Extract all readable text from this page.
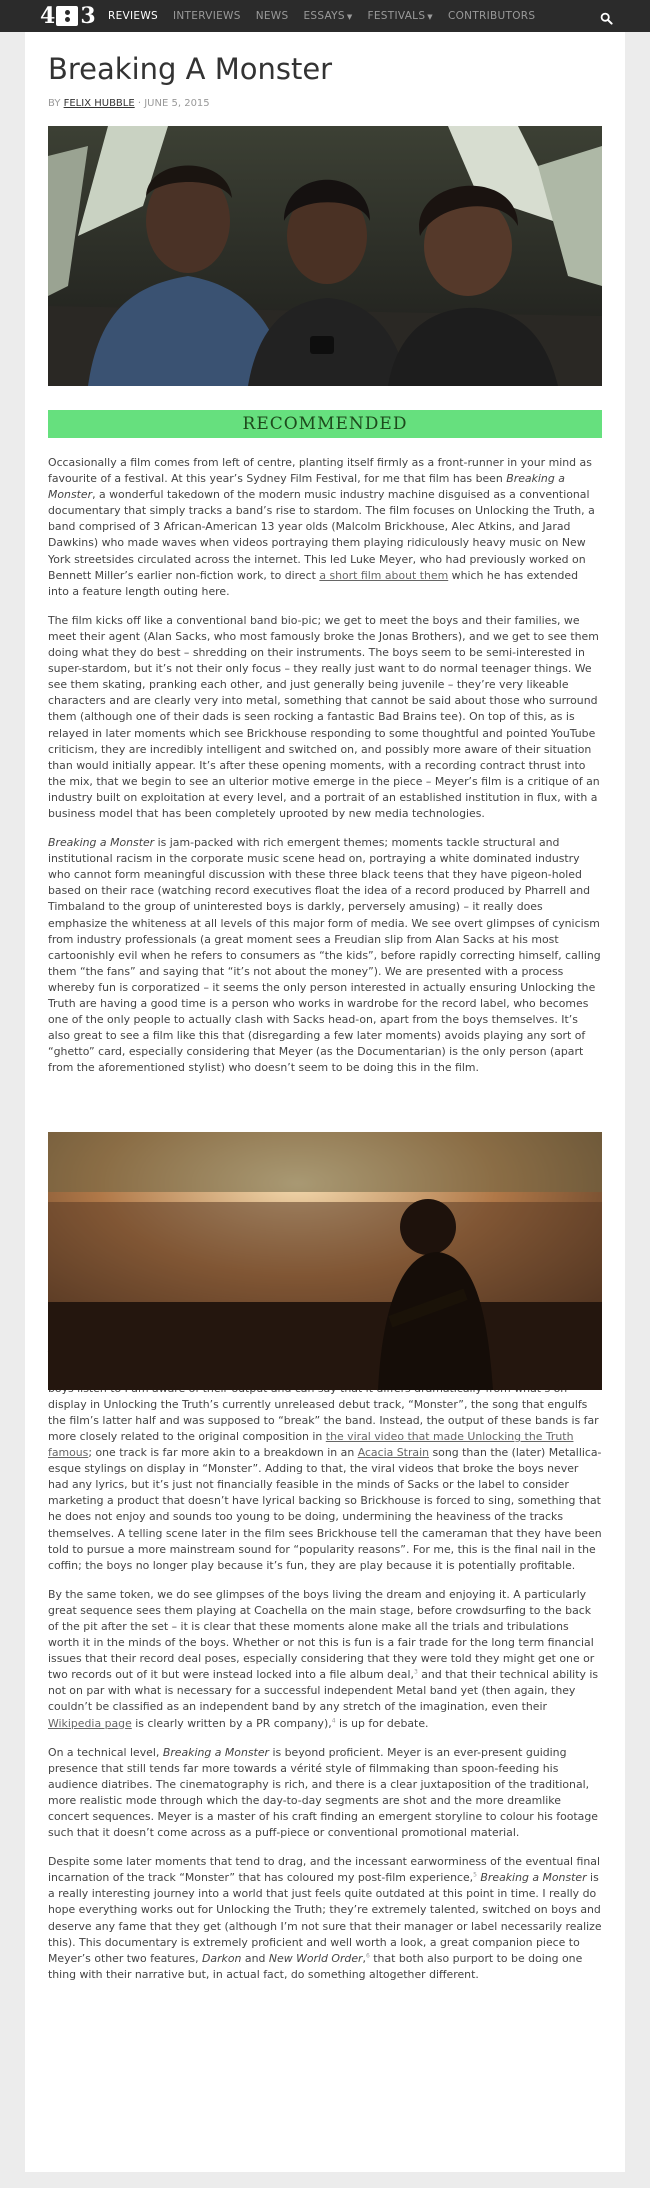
4 3 REVIEWS INTERVIEWS NEWS ESSAYS ▼ FESTIVALS ▼ CONTRIBUTORS
Breaking A Monster
BY FELIX HUBBLE · JUNE 5, 2015
RECOMMENDED

Occasionally a film comes from left of centre, planting itself firmly as a front-runner in your mind as favourite of a festival. At this year’s Sydney Film Festival, for me that film has been Breaking a Monster, a wonderful takedown of the modern music industry machine disguised as a conventional documentary that simply tracks a band’s rise to stardom. The film focuses on Unlocking the Truth, a band comprised of 3 African-American 13 year olds (Malcolm Brickhouse, Alec Atkins, and Jarad Dawkins) who made waves when videos portraying them playing ridiculously heavy music on New York streetsides circulated across the internet. This led Luke Meyer, who had previously worked on Bennett Miller’s earlier non-fiction work, to direct a short film about them which he has extended into a feature length outing here.

The film kicks off like a conventional band bio-pic; we get to meet the boys and their families, we meet their agent (Alan Sacks, who most famously broke the Jonas Brothers), and we get to see them doing what they do best – shredding on their instruments. The boys seem to be semi-interested in super-stardom, but it’s not their only focus – they really just want to do normal teenager things. We see them skating, pranking each other, and just generally being juvenile – they’re very likeable characters and are clearly very into metal, something that cannot be said about those who surround them (although one of their dads is seen rocking a fantastic Bad Brains tee). On top of this, as is relayed in later moments which see Brickhouse responding to some thoughtful and pointed YouTube criticism, they are incredibly intelligent and switched on, and possibly more aware of their situation than would initially appear. It’s after these opening moments, with a recording contract thrust into the mix, that we begin to see an ulterior motive emerge in the piece – Meyer’s film is a critique of an industry built on exploitation at every level, and a portrait of an established institution in flux, with a business model that has been completely uprooted by new media technologies.

Breaking a Monster is jam-packed with rich emergent themes; moments tackle structural and institutional racism in the corporate music scene head on, portraying a white dominated industry who cannot form meaningful discussion with these three black teens that they have pigeon-holed based on their race (watching record executives float the idea of a record produced by Pharrell and Timbaland to the group of uninterested boys is darkly, perversely amusing) – it really does emphasize the whiteness at all levels of this major form of media. We see overt glimpses of cynicism from industry professionals (a great moment sees a Freudian slip from Alan Sacks at his most cartoonishly evil when he refers to consumers as “the kids”, before rapidly correcting himself, calling them “the fans” and saying that “it’s not about the money”). We are presented with a process whereby fun is corporatized – it seems the only person interested in actually ensuring Unlocking the Truth are having a good time is a person who works in wardrobe for the record label, who becomes one of the only people to actually clash with Sacks head-on, apart from the boys themselves. It’s also great to see a film like this that (disregarding a few later moments) avoids playing any sort of “ghetto” card, especially considering that Meyer (as the Documentarian) is the only person (apart from the aforementioned stylist) who doesn’t seem to be doing this in the film.

display in Unlocking the Truth’s currently unreleased debut track, “Monster”, the song that engulfs the film’s latter half and was supposed to “break” the band. Instead, the output of these bands is far more closely related to the original composition in the viral video that made Unlocking the Truth famous; one track is far more akin to a breakdown in an Acacia Strain song than the (later) Metallica-esque stylings on display in “Monster”. Adding to that, the viral videos that broke the boys never had any lyrics, but it’s just not financially feasible in the minds of Sacks or the label to consider marketing a product that doesn’t have lyrical backing so Brickhouse is forced to sing, something that he does not enjoy and sounds too young to be doing, undermining the heaviness of the tracks themselves. A telling scene later in the film sees Brickhouse tell the cameraman that they have been told to pursue a more mainstream sound for “popularity reasons”. For me, this is the final nail in the coffin; the boys no longer play because it’s fun, they are play because it is potentially profitable.

By the same token, we do see glimpses of the boys living the dream and enjoying it. A particularly great sequence sees them playing at Coachella on the main stage, before crowdsurfing to the back of the pit after the set – it is clear that these moments alone make all the trials and tribulations worth it in the minds of the boys. Whether or not this is fun is a fair trade for the long term financial issues that their record deal poses, especially considering that they were told they might get one or two records out of it but were instead locked into a file album deal,$^3$ and that their technical ability is not on par with what is necessary for a successful independent Metal band yet (then again, they couldn’t be classified as an independent band by any stretch of the imagination, even their Wikipedia page is clearly written by a PR company),$^4$ is up for debate.

On a technical level, Breaking a Monster is beyond proficient. Meyer is an ever-present guiding presence that still tends far more towards a vérité style of filmmaking than spoon-feeding his audience diatribes. The cinematography is rich, and there is a clear juxtaposition of the traditional, more realistic mode through which the day-to-day segments are shot and the more dreamlike concert sequences. Meyer is a master of his craft finding an emergent storyline to colour his footage such that it doesn’t come across as a puff-piece or conventional promotional material.

Despite some later moments that tend to drag, and the incessant earworminess of the eventual final incarnation of the track “Monster” that has coloured my post-film experience,$^5$ Breaking a Monster is a really interesting journey into a world that just feels quite outdated at this point in time. I really do hope everything works out for Unlocking the Truth; they’re extremely talented, switched on boys and deserve any fame that they get (although I’m not sure that their manager or label necessarily realize this). This documentary is extremely proficient and well worth a look, a great companion piece to Meyer’s other two features, Darkon and New World Order,$^6$ that both also purport to be doing one thing with their narrative but, in actual fact, do something altogether different.
